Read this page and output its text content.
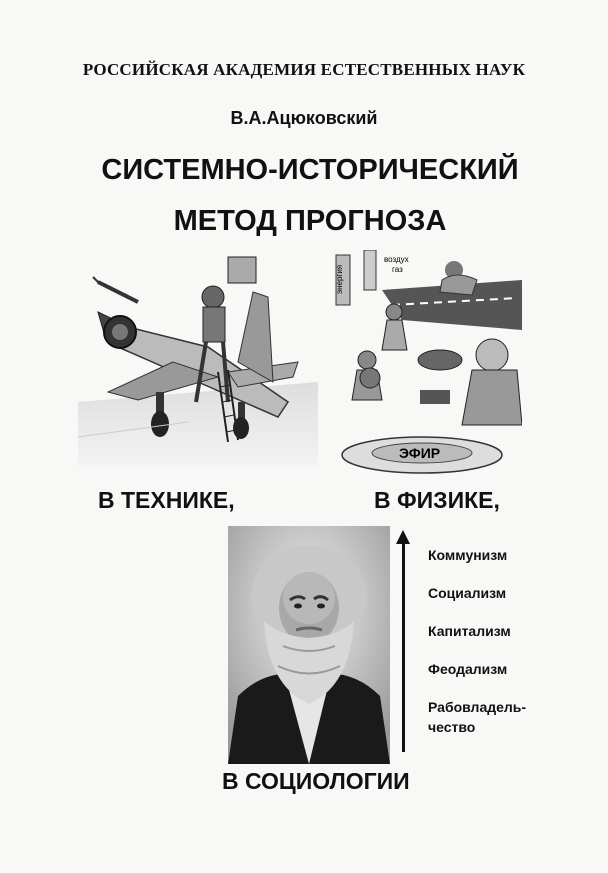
РОССИЙСКАЯ АКАДЕМИЯ ЕСТЕСТВЕННЫХ НАУК
В.А.Ацюковский
СИСТЕМНО-ИСТОРИЧЕСКИЙ
МЕТОД ПРОГНОЗА
энергия
воздух
газ
ЭФИР
В ТЕХНИКЕ,	В ФИЗИКЕ,
Коммунизм
Социализм
Капитализм
Феодализм
Рабовладель-
чество
В СОЦИОЛОГИИ
